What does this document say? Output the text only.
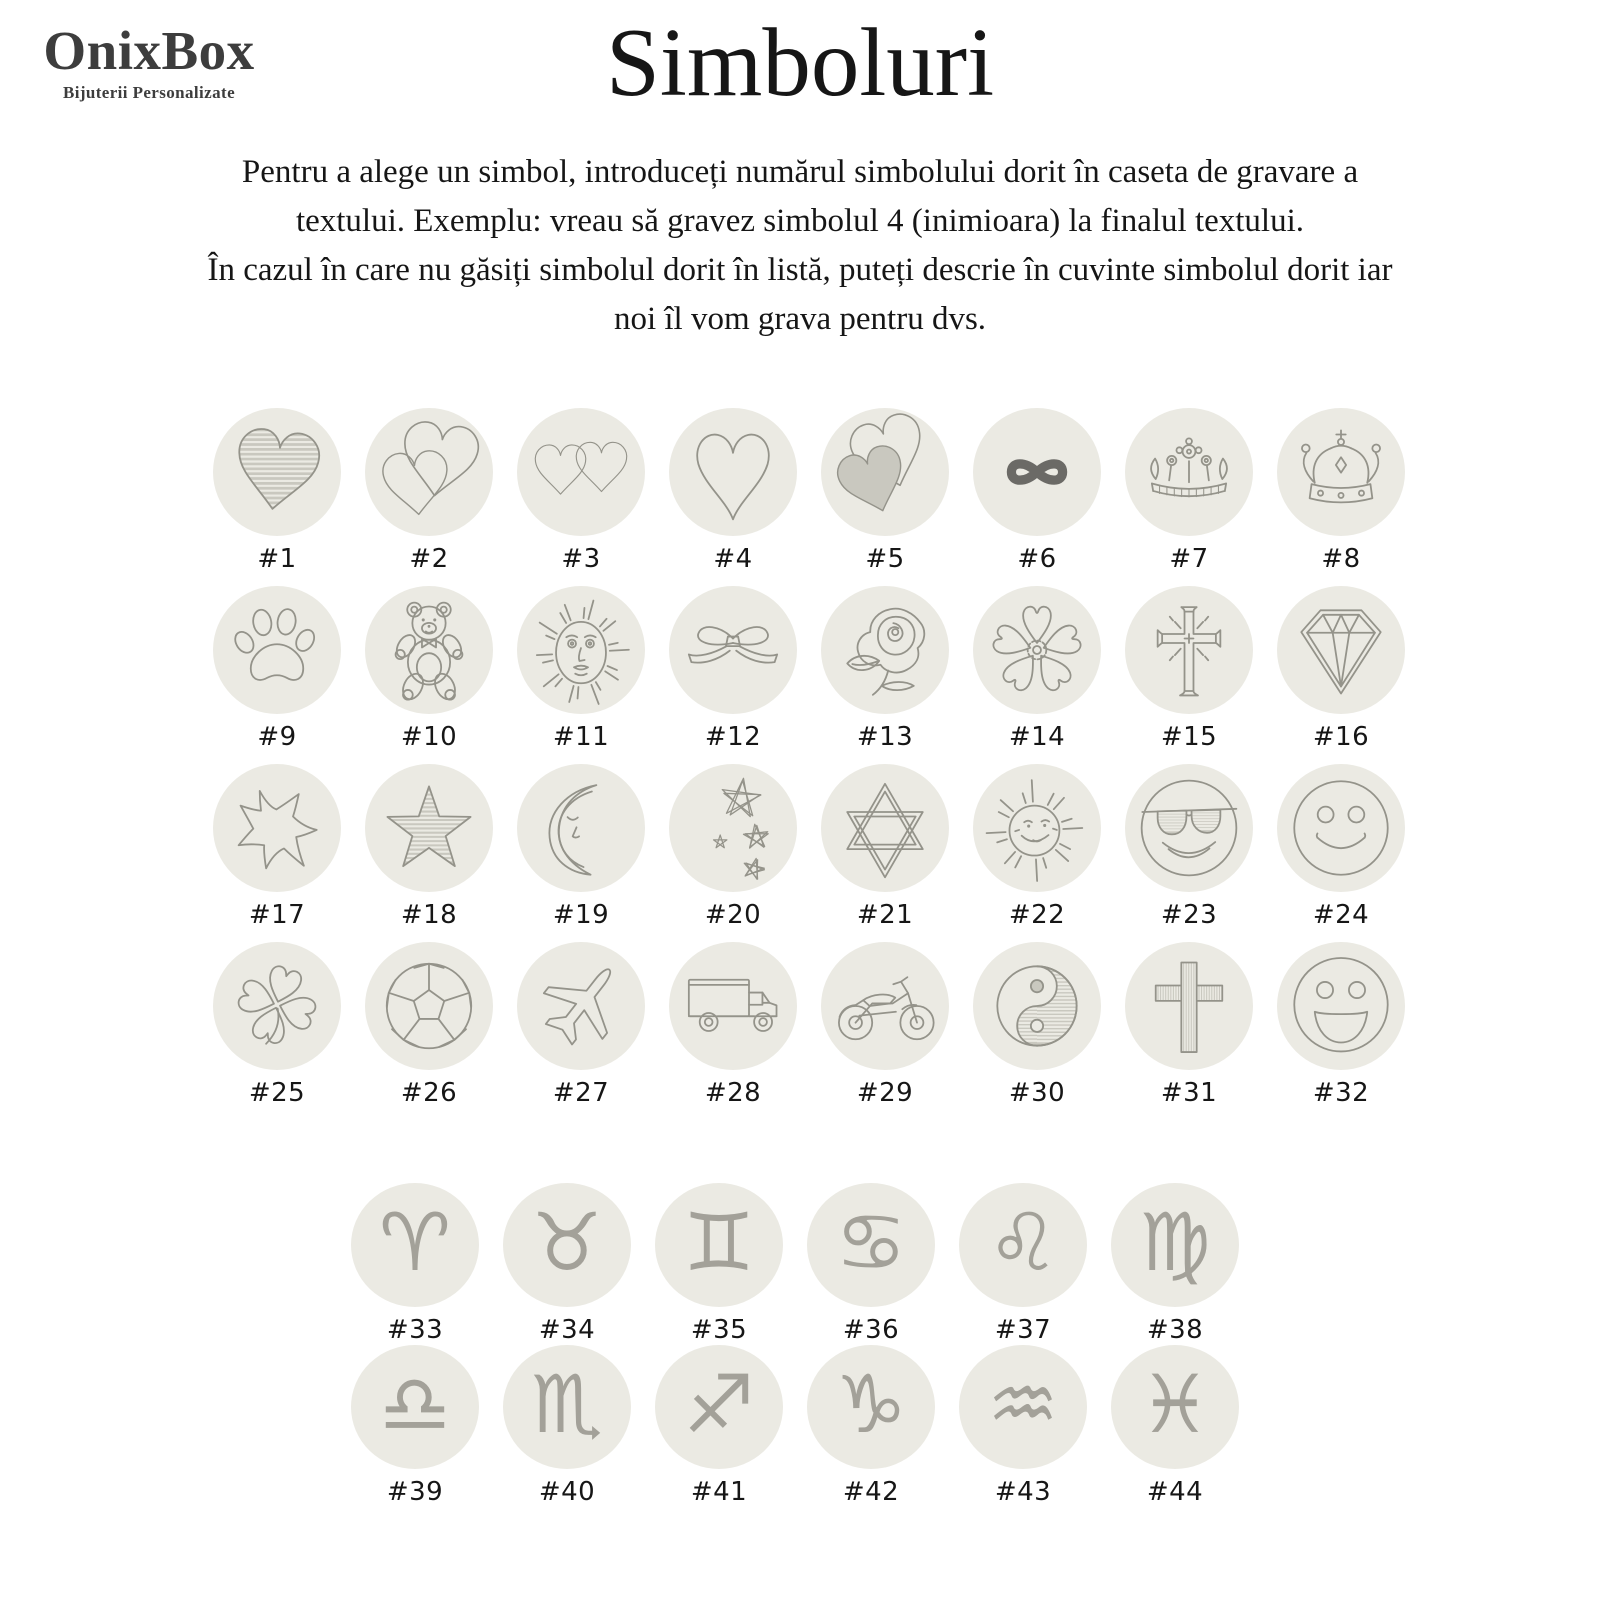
OnixBox
Bijuterii Personalizate	Simboluri
Pentru a alege un simbol, introduceți numărul simbolului dorit în caseta de gravare a
textului. Exemplu: vreau să gravez simbolul 4 (inimioara) la finalul textului.
În cazul în care nu găsiți simbolul dorit în listă, puteți descrie în cuvinte simbolul dorit iar
noi îl vom grava pentru dvs.
#1	#2	#3	#4	#5	#6	#7	#8
#9	#10	#11	#12	#13	#14	#15	#16
#17	#18	#19	#20	#21	#22	#23	#24
#25	#26	#27	#28	#29	#30	#31	#32
♈
#33
♉
#34
♊
#35
♋
#36
♌
#37
♍
#38
♎
#39
♏
#40
♐
#41
♑
#42
♒
#43
♓
#44
